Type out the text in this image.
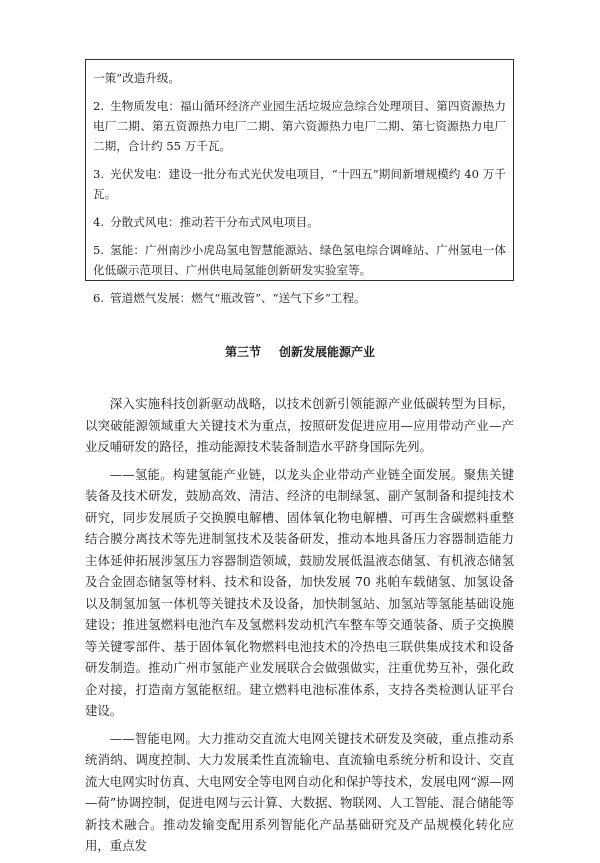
一策”改造升级。

2. 生物质发电：福山循环经济产业园生活垃圾应急综合处理项目、第四资源热力电厂二期、第五资源热力电厂二期、第六资源热力电厂二期、第七资源热力电厂二期，合计约 55 万千瓦。

3. 光伏发电：建设一批分布式光伏发电项目，“十四五”期间新增规模约 40 万千瓦。

4. 分散式风电：推动若干分布式风电项目。

5. 氢能：广州南沙小虎岛氢电智慧能源站、绿色氢电综合调峰站、广州氢电一体化低碳示范项目、广州供电局氢能创新研发实验室等。

6. 管道燃气发展：燃气“瓶改管”、“送气下乡”工程。

第三节 创新发展能源产业

深入实施科技创新驱动战略，以技术创新引领能源产业低碳转型为目标，以突破能源领域重大关键技术为重点，按照研发促进应用—应用带动产业—产业反哺研发的路径，推动能源技术装备制造水平跻身国际先列。

——氢能。构建氢能产业链，以龙头企业带动产业链全面发展。聚焦关键装备及技术研发，鼓励高效、清洁、经济的电制绿氢、副产氢制备和提纯技术研究，同步发展质子交换膜电解槽、固体氧化物电解槽、可再生含碳燃料重整结合膜分离技术等先进制氢技术及装备研发，推动本地具备压力容器制造能力主体延伸拓展涉氢压力容器制造领域，鼓励发展低温液态储氢、有机液态储氢及合金固态储氢等材料、技术和设备，加快发展 70 兆帕车载储氢、加氢设备以及制氢加氢一体机等关键技术及设备，加快制氢站、加氢站等氢能基础设施建设；推进氢燃料电池汽车及氢燃料发动机汽车整车等交通装备、质子交换膜等关键零部件、基于固体氧化物燃料电池技术的冷热电三联供集成技术和设备研发制造。推动广州市氢能产业发展联合会做强做实，注重优势互补，强化政企对接，打造南方氢能枢纽。建立燃料电池标准体系，支持各类检测认证平台建设。

——智能电网。大力推动交直流大电网关键技术研发及突破，重点推动系统消纳、调度控制、大力发展柔性直流输电、直流输电系统分析和设计、交直流大电网实时仿真、大电网安全等电网自动化和保护等技术，发展电网“源—网—荷”协调控制，促进电网与云计算、大数据、物联网、人工智能、混合储能等新技术融合。推动发输变配用系列智能化产品基础研究及产品规模化转化应用，重点发
